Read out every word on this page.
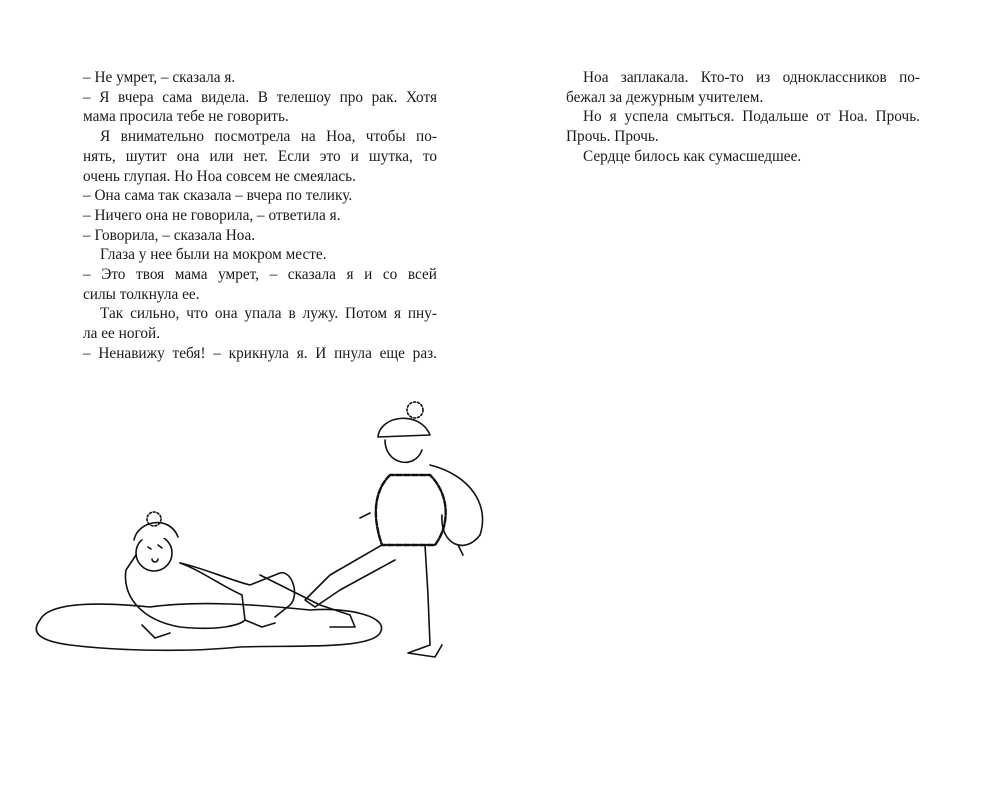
– Не умрет, – сказала я.
– Я вчера сама видела. В телешоу про рак. Хотя
мама просила тебе не говорить.
Я внимательно посмотрела на Ноа, чтобы по-
нять, шутит она или нет. Если это и шутка, то
очень глупая. Но Ноа совсем не смеялась.
– Она сама так сказала – вчера по телику.
– Ничего она не говорила, – ответила я.
– Говорила, – сказала Ноа.
Глаза у нее были на мокром месте.
– Это твоя мама умрет, – сказала я и со всей
силы толкнула ее.
Так сильно, что она упала в лужу. Потом я пну-
ла ее ногой.
– Ненавижу тебя! – крикнула я. И пнула еще раз.
Ноа заплакала. Кто-то из одноклассников по-
бежал за дежурным учителем.
Но я успела смыться. Подальше от Ноа. Прочь.
Прочь. Прочь.
Сердце билось как сумасшедшее.
